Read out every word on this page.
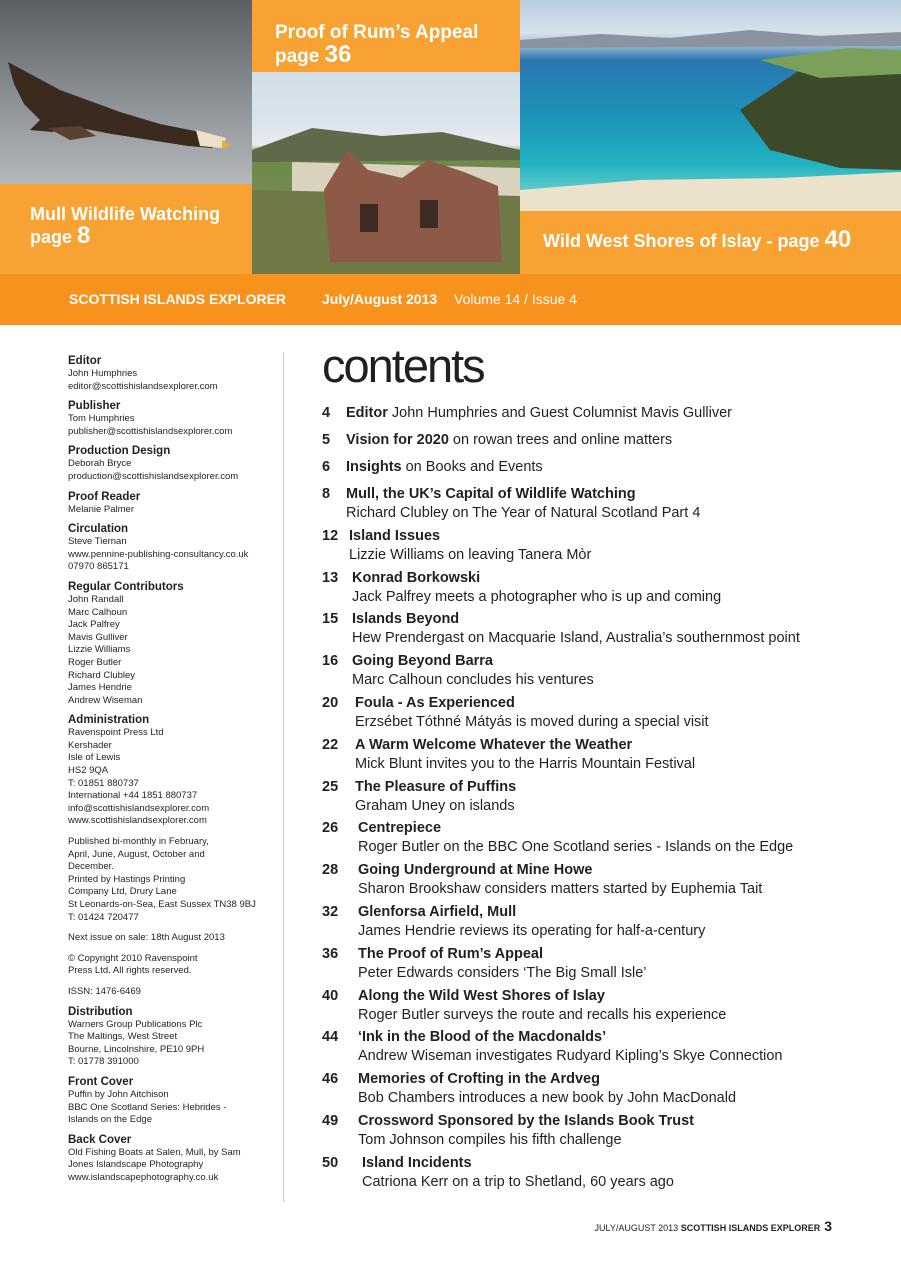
Proof of Rum’s Appeal
page 36
Mull Wildlife Watching
page 8	Wild West Shores of Islay - page 40
SCOTTISH ISLANDS EXPLORER	July/August 2013 Volume 14 / Issue 4
Editor
John Humphries
editor@scottishislandsexplorer.com
Publisher
Tom Humphries
publisher@scottishislandsexplorer.com
Production Design
Deborah Bryce
production@scottishislandsexplorer.com
Proof Reader
Melanie Palmer
Circulation
Steve Tiernan
www.pennine-publishing-consultancy.co.uk
07970 865171
Regular Contributors
John Randall
Marc Calhoun
Jack Palfrey
Mavis Gulliver
Lizzie Williams
Roger Butler
Richard Clubley
James Hendrie
Andrew Wiseman
Administration
Ravenspoint Press Ltd
Kershader
Isle of Lewis
HS2 9QA
T: 01851 880737
International +44 1851 880737
info@scottishislandsexplorer.com
www.scottishislandsexplorer.com
Published bi-monthly in February,
April, June, August, October and
December.
Printed by Hastings Printing
Company Ltd, Drury Lane
St Leonards-on-Sea, East Sussex TN38 9BJ
T: 01424 720477
Next issue on sale: 18th August 2013
© Copyright 2010 Ravenspoint
Press Ltd. All rights reserved.
ISSN: 1476-6469
Distribution
Warners Group Publications Plc
The Maltings, West Street
Bourne, Lincolnshire, PE10 9PH
T: 01778 391000
Front Cover
Puffin by John Aitchison
BBC One Scotland Series: Hebrides -
Islands on the Edge
Back Cover
Old Fishing Boats at Salen, Mull, by Sam
Jones Islandscape Photography
www.islandscapephotography.co.uk
contents
4 Editor John Humphries and Guest Columnist Mavis Gulliver
5 Vision for 2020 on rowan trees and online matters
6 Insights on Books and Events
8 Mull, the UK’s Capital of Wildlife Watching
Richard Clubley on The Year of Natural Scotland Part 4
12 Island Issues
Lizzie Williams on leaving Tanera Mòr
13 Konrad Borkowski
Jack Palfrey meets a photographer who is up and coming
15 Islands Beyond
Hew Prendergast on Macquarie Island, Australia’s southernmost point
16 Going Beyond Barra
Marc Calhoun concludes his ventures
20 Foula - As Experienced
Erzsébet Tóthné Mátyás is moved during a special visit
22 A Warm Welcome Whatever the Weather
Mick Blunt invites you to the Harris Mountain Festival
25 The Pleasure of Puffins
Graham Uney on islands
26 Centrepiece
Roger Butler on the BBC One Scotland series - Islands on the Edge
28 Going Underground at Mine Howe
Sharon Brookshaw considers matters started by Euphemia Tait
32 Glenforsa Airfield, Mull
James Hendrie reviews its operating for half-a-century
36 The Proof of Rum’s Appeal
Peter Edwards considers ‘The Big Small Isle’
40 Along the Wild West Shores of Islay
Roger Butler surveys the route and recalls his experience
44 ‘Ink in the Blood of the Macdonalds’
Andrew Wiseman investigates Rudyard Kipling’s Skye Connection
46 Memories of Crofting in the Ardveg
Bob Chambers introduces a new book by John MacDonald
49 Crossword Sponsored by the Islands Book Trust
Tom Johnson compiles his fifth challenge
50 Island Incidents
Catriona Kerr on a trip to Shetland, 60 years ago
JULY/AUGUST 2013 SCOTTISH ISLANDS EXPLORER 3
